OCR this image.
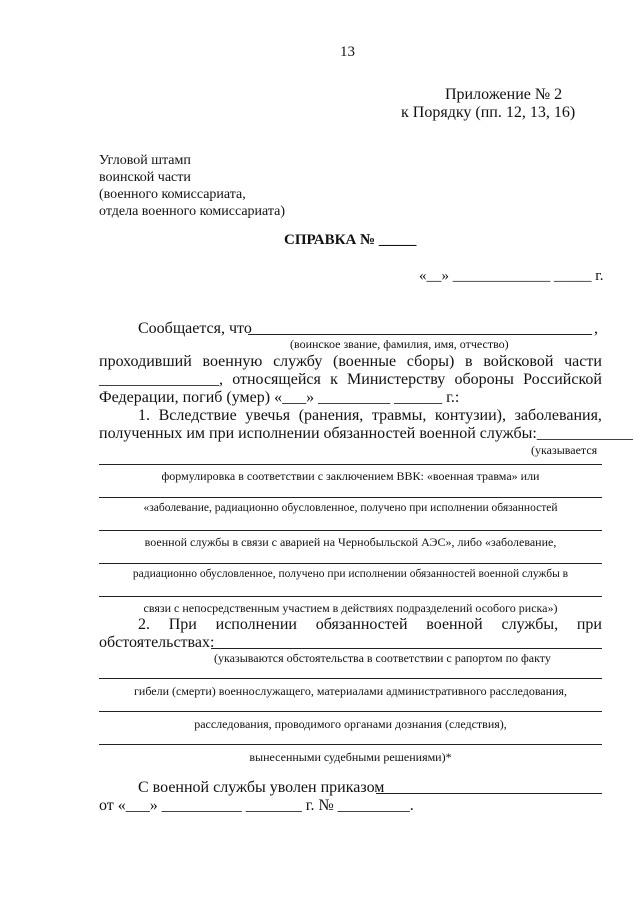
13
Приложение № 2
к Порядку (пп. 12, 13, 16)
Угловой штамп
воинской части
(военного комиссариата,
отдела военного комиссариата)
СПРАВКА № _____
«__» _____________ _____ г.
Сообщается, что	,
(воинское звание, фамилия, имя, отчество)
проходивший военную службу (военные сборы) в войсковой части
_______________, относящейся к Министерству обороны Российской
Федерации, погиб (умер) «___» _________ ______ г.:
1. Вследствие увечья (ранения, травмы, контузии), заболевания,
полученных им при исполнении обязанностей военной службы:____________
(указывается
формулировка в соответствии с заключением ВВК: «военная травма» или
«заболевание, радиационно обусловленное, получено при исполнении обязанностей
военной службы в связи с аварией на Чернобыльской АЭС», либо «заболевание,
радиационно обусловленное, получено при исполнении обязанностей военной службы в
связи с непосредственным участием в действиях подразделений особого риска»)
2. При исполнении обязанностей военной службы, при
обстоятельствах:
(указываются обстоятельства в соответствии с рапортом по факту
гибели (смерти) военнослужащего, материалами административного расследования,
расследования, проводимого органами дознания (следствия),
вынесенными судебными решениями)*
С военной службы уволен приказом
от «___» __________ _______ г. № _________.
